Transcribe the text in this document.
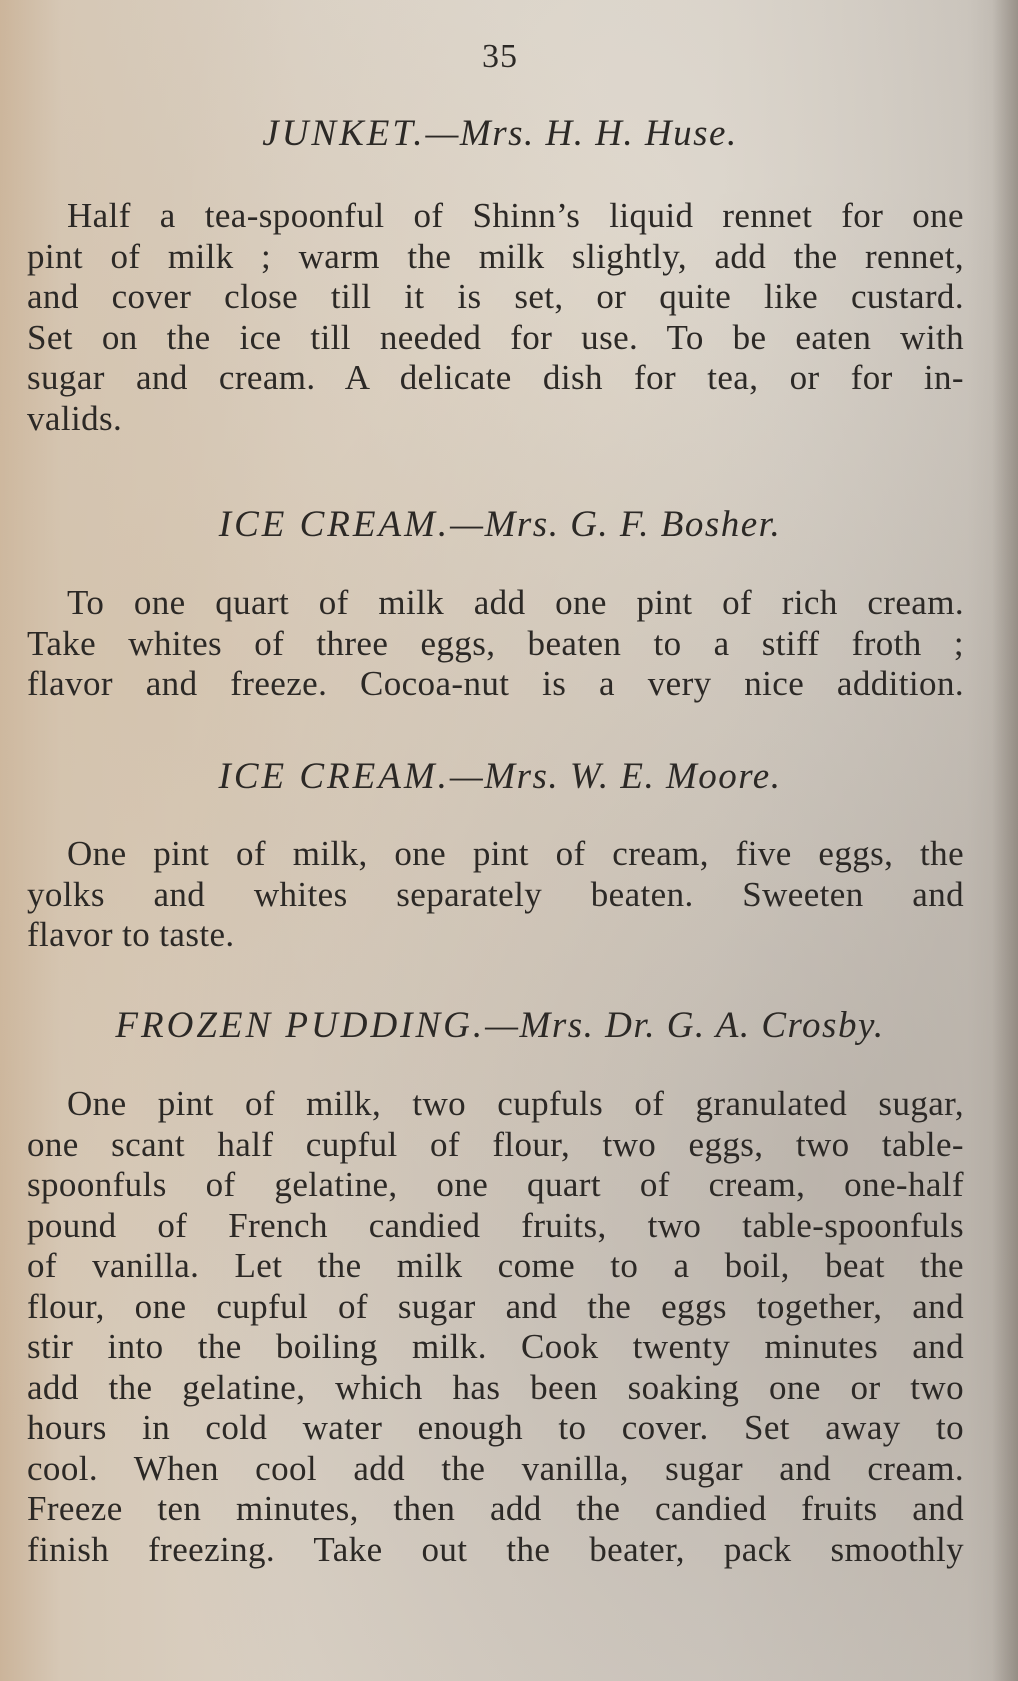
35
JUNKET.—Mrs. H. H. Huse.
Half a tea-spoonful of Shinn’s liquid rennet for one
pint of milk ; warm the milk slightly, add the rennet,
and cover close till it is set, or quite like custard.
Set on the ice till needed for use. To be eaten with
sugar and cream. A delicate dish for tea, or for in-
valids.
ICE CREAM.—Mrs. G. F. Bosher.
To one quart of milk add one pint of rich cream.
Take whites of three eggs, beaten to a stiff froth ;
flavor and freeze. Cocoa-nut is a very nice addition.
ICE CREAM.—Mrs. W. E. Moore.
One pint of milk, one pint of cream, five eggs, the
yolks and whites separately beaten. Sweeten and
flavor to taste.
FROZEN PUDDING.—Mrs. Dr. G. A. Crosby.
One pint of milk, two cupfuls of granulated sugar,
one scant half cupful of flour, two eggs, two table-
spoonfuls of gelatine, one quart of cream, one-half
pound of French candied fruits, two table-spoonfuls
of vanilla. Let the milk come to a boil, beat the
flour, one cupful of sugar and the eggs together, and
stir into the boiling milk. Cook twenty minutes and
add the gelatine, which has been soaking one or two
hours in cold water enough to cover. Set away to
cool. When cool add the vanilla, sugar and cream.
Freeze ten minutes, then add the candied fruits and
finish freezing. Take out the beater, pack smoothly
